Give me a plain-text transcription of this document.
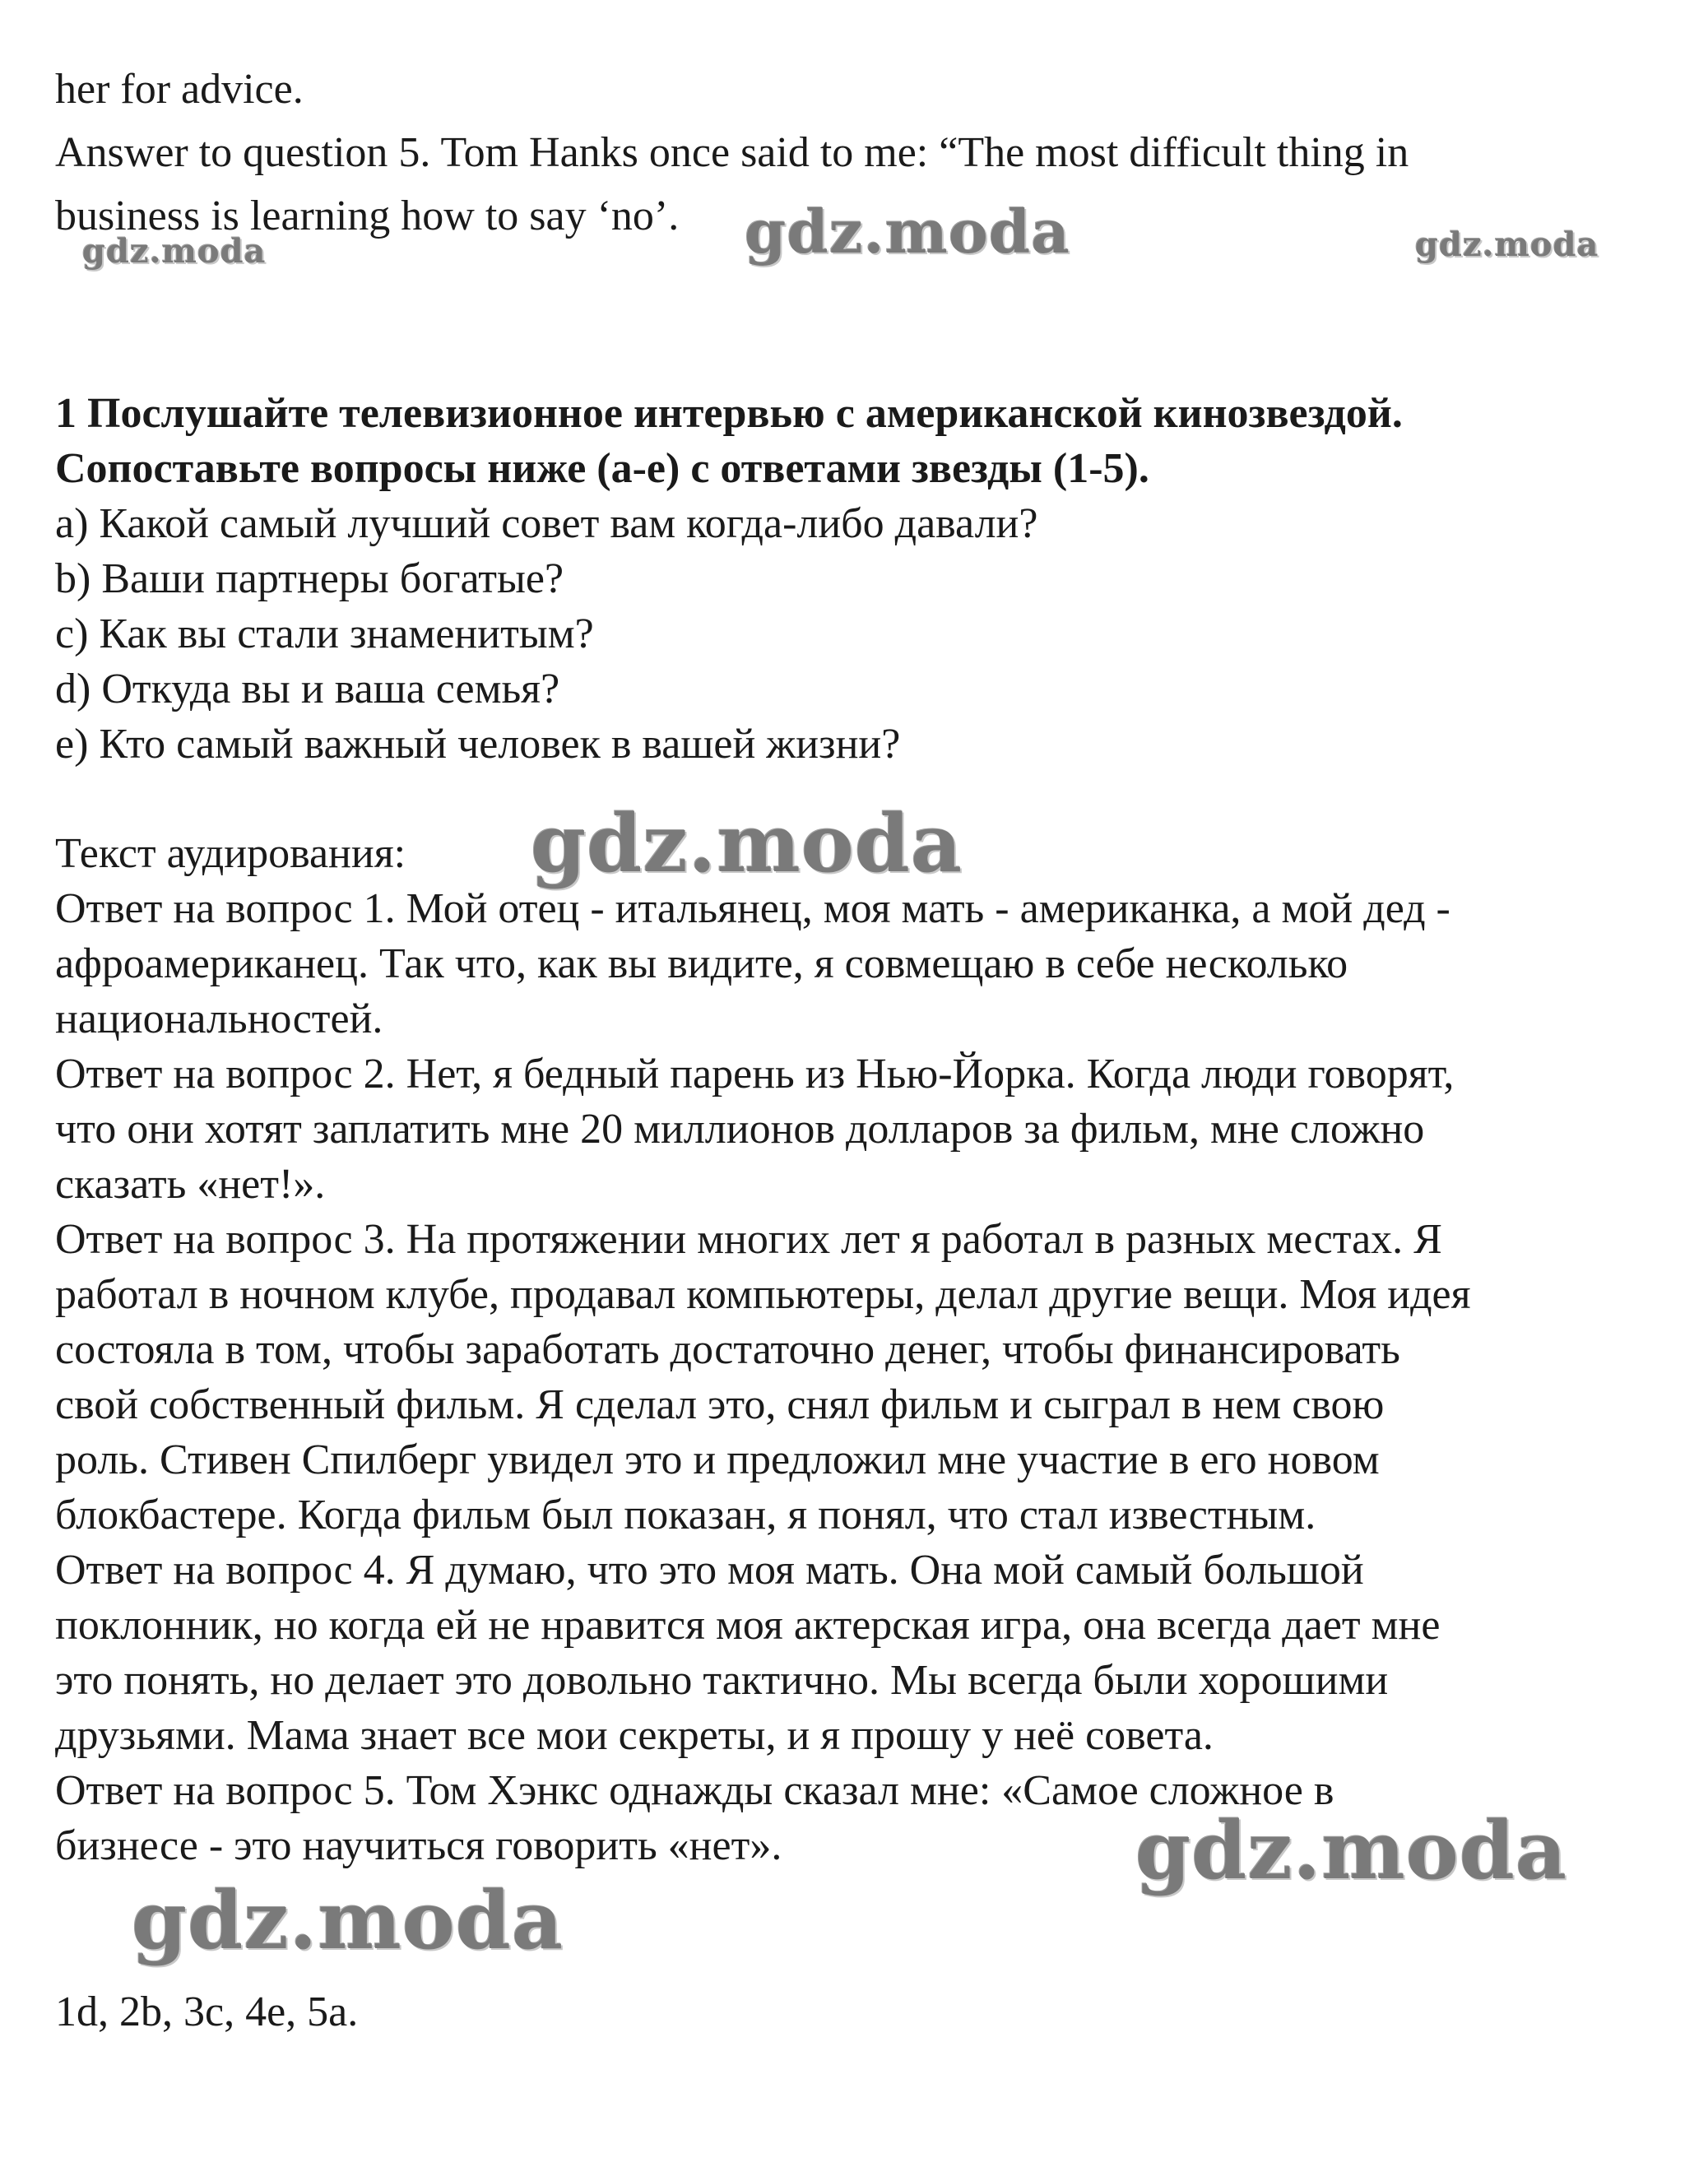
her for advice.
Answer to question 5. Tom Hanks once said to me: “The most difficult thing in
business is learning how to say ‘no’.
1 Послушайте телевизионное интервью с американской кинозвездой.
Сопоставьте вопросы ниже (a-e) с ответами звезды (1-5).
a) Какой самый лучший совет вам когда-либо давали?
b) Ваши партнеры богатые?
c) Как вы стали знаменитым?
d) Откуда вы и ваша семья?
e) Кто самый важный человек в вашей жизни?
Текст аудирования:
Ответ на вопрос 1. Мой отец - итальянец, моя мать - американка, а мой дед -
афроамериканец. Так что, как вы видите, я совмещаю в себе несколько
национальностей.
Ответ на вопрос 2. Нет, я бедный парень из Нью-Йорка. Когда люди говорят,
что они хотят заплатить мне 20 миллионов долларов за фильм, мне сложно
сказать «нет!».
Ответ на вопрос 3. На протяжении многих лет я работал в разных местах. Я
работал в ночном клубе, продавал компьютеры, делал другие вещи. Моя идея
состояла в том, чтобы заработать достаточно денег, чтобы финансировать
свой собственный фильм. Я сделал это, снял фильм и сыграл в нем свою
роль. Стивен Спилберг увидел это и предложил мне участие в его новом
блокбастере. Когда фильм был показан, я понял, что стал известным.
Ответ на вопрос 4. Я думаю, что это моя мать. Она мой самый большой
поклонник, но когда ей не нравится моя актерская игра, она всегда дает мне
это понять, но делает это довольно тактично. Мы всегда были хорошими
друзьями. Мама знает все мои секреты, и я прошу у неё совета.
Ответ на вопрос 5. Том Хэнкс однажды сказал мне: «Самое сложное в
бизнесе - это научиться говорить «нет».
1d, 2b, 3c, 4e, 5a.
gdz.moda
gdz.moda	gdz.moda
gdz.moda
gdz.moda
gdz.moda
